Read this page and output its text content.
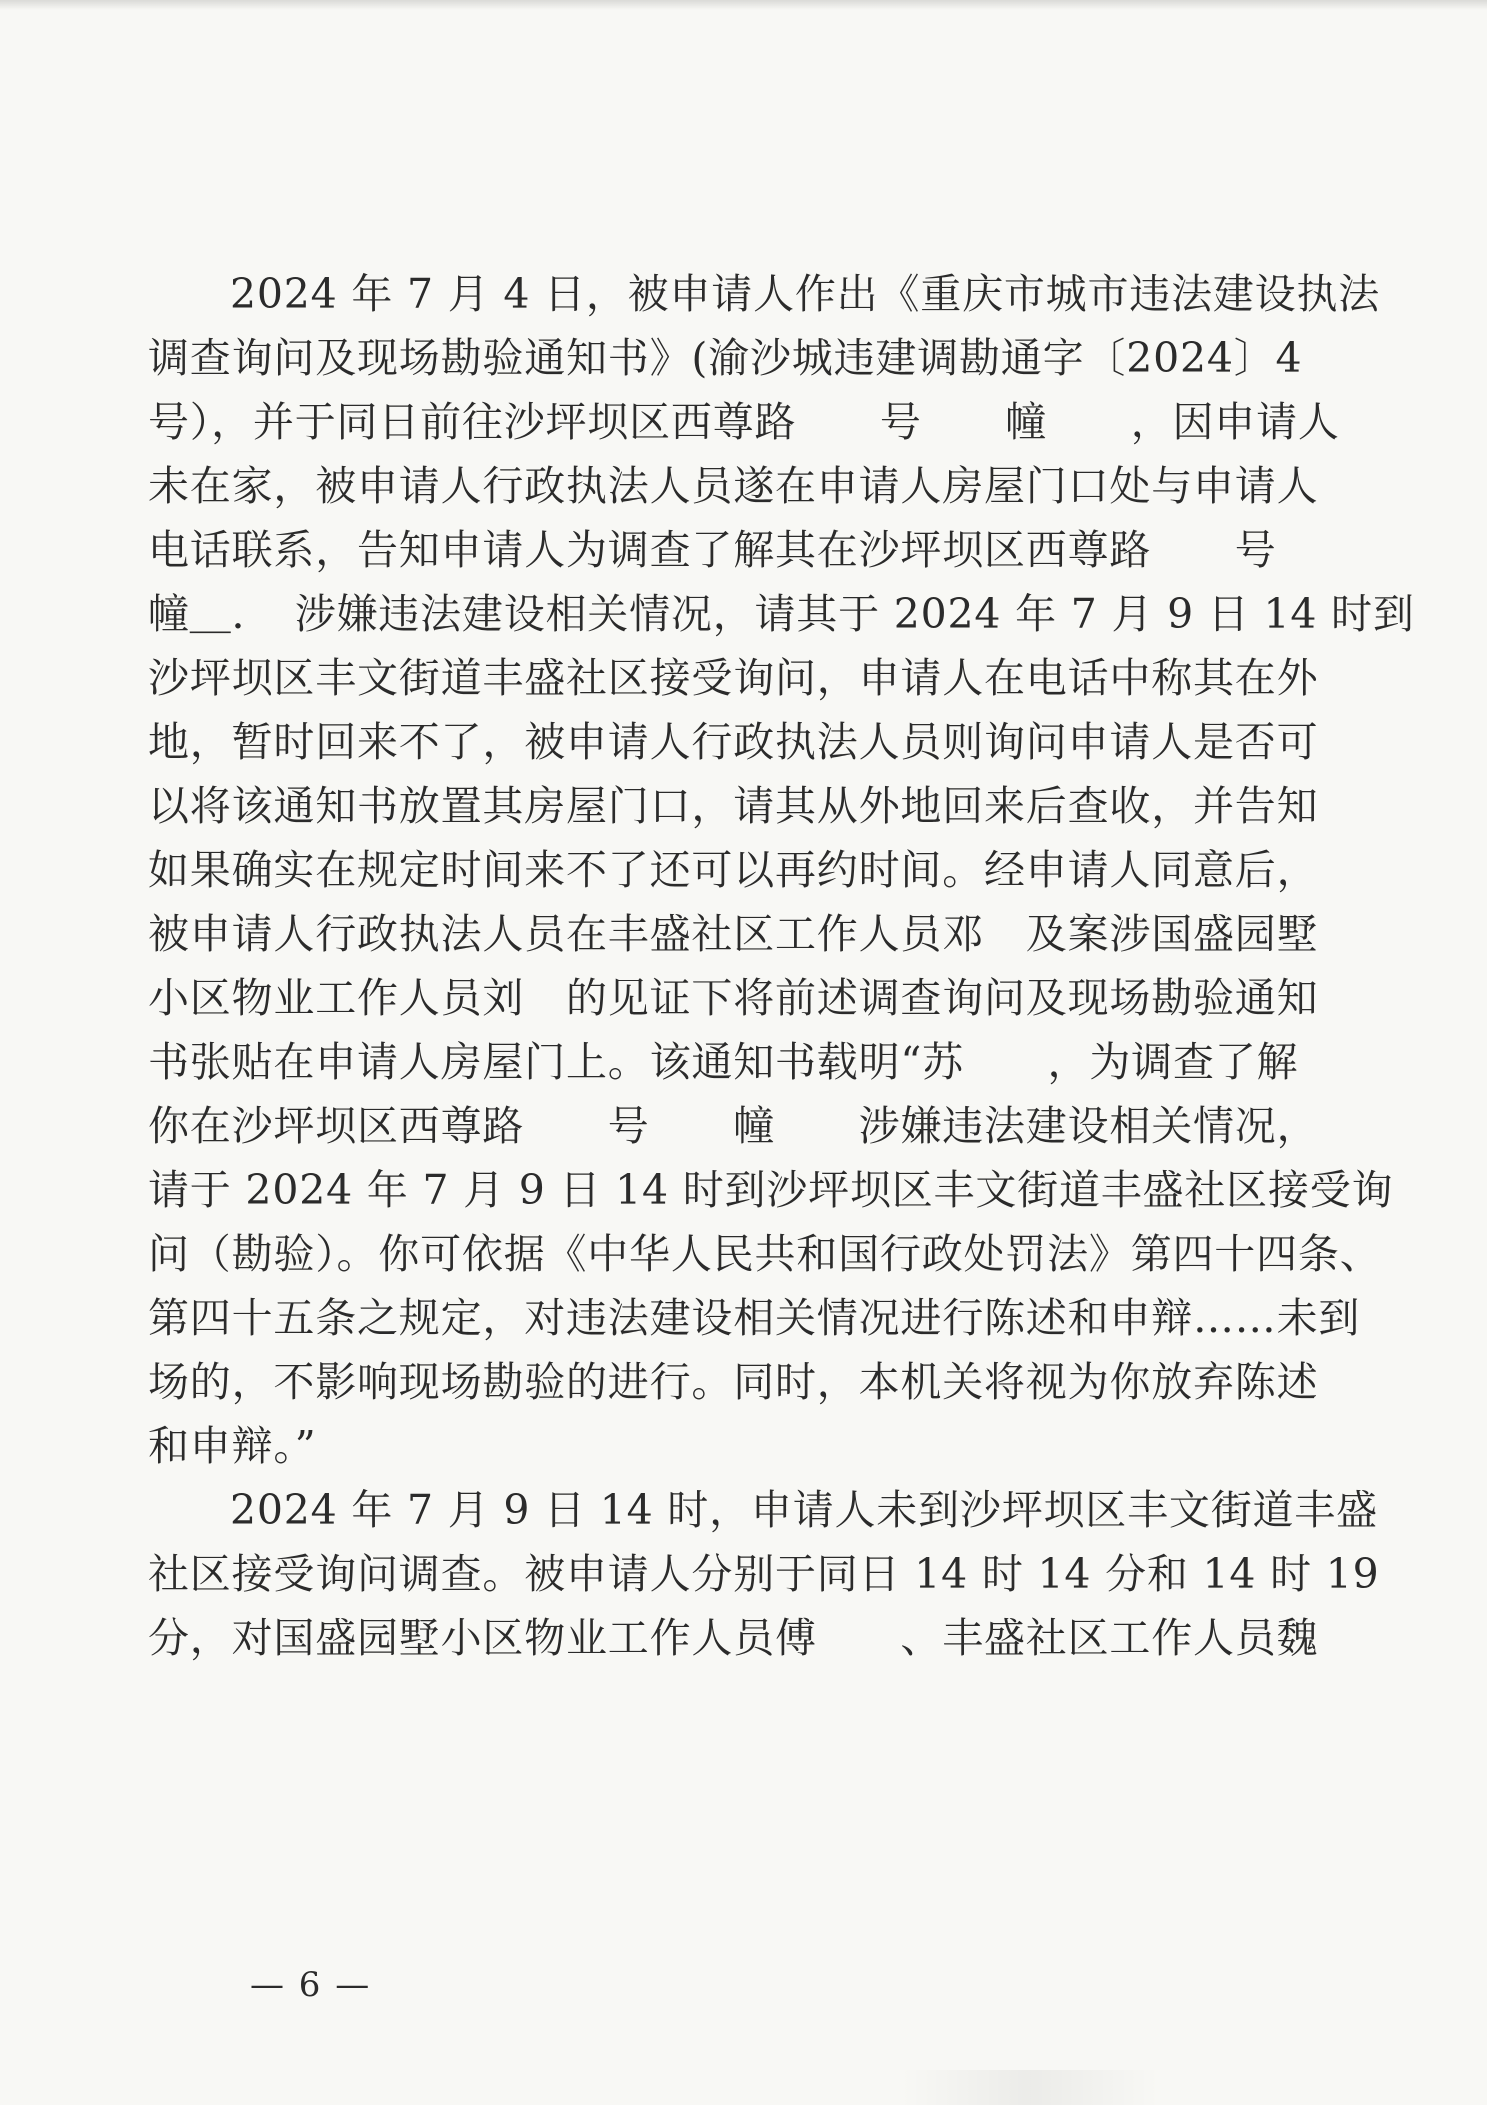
2024 年 7 月 4 日，被申请人作出《重庆市城市违法建设执法
调查询问及现场勘验通知书》(渝沙城违建调勘通字〔2024〕4
号），并于同日前往沙坪坝区西尊路　　号　　幢　　，因申请人
未在家，被申请人行政执法人员遂在申请人房屋门口处与申请人
电话联系，告知申请人为调查了解其在沙坪坝区西尊路　　号
幢＿．　涉嫌违法建设相关情况，请其于 2024 年 7 月 9 日 14 时到
沙坪坝区丰文街道丰盛社区接受询问，申请人在电话中称其在外
地，暂时回来不了，被申请人行政执法人员则询问申请人是否可
以将该通知书放置其房屋门口，请其从外地回来后查收，并告知
如果确实在规定时间来不了还可以再约时间。经申请人同意后，
被申请人行政执法人员在丰盛社区工作人员邓　及案涉国盛园墅
小区物业工作人员刘　的见证下将前述调查询问及现场勘验通知
书张贴在申请人房屋门上。该通知书载明“苏　　，为调查了解
你在沙坪坝区西尊路　　号　　幢　　涉嫌违法建设相关情况，
请于 2024 年 7 月 9 日 14 时到沙坪坝区丰文街道丰盛社区接受询
问（勘验）。你可依据《中华人民共和国行政处罚法》第四十四条、
第四十五条之规定，对违法建设相关情况进行陈述和申辩……未到
场的，不影响现场勘验的进行。同时，本机关将视为你放弃陈述
和申辩。”
2024 年 7 月 9 日 14 时，申请人未到沙坪坝区丰文街道丰盛
社区接受询问调查。被申请人分别于同日 14 时 14 分和 14 时 19
分，对国盛园墅小区物业工作人员傅　　、丰盛社区工作人员魏
— 6 —
